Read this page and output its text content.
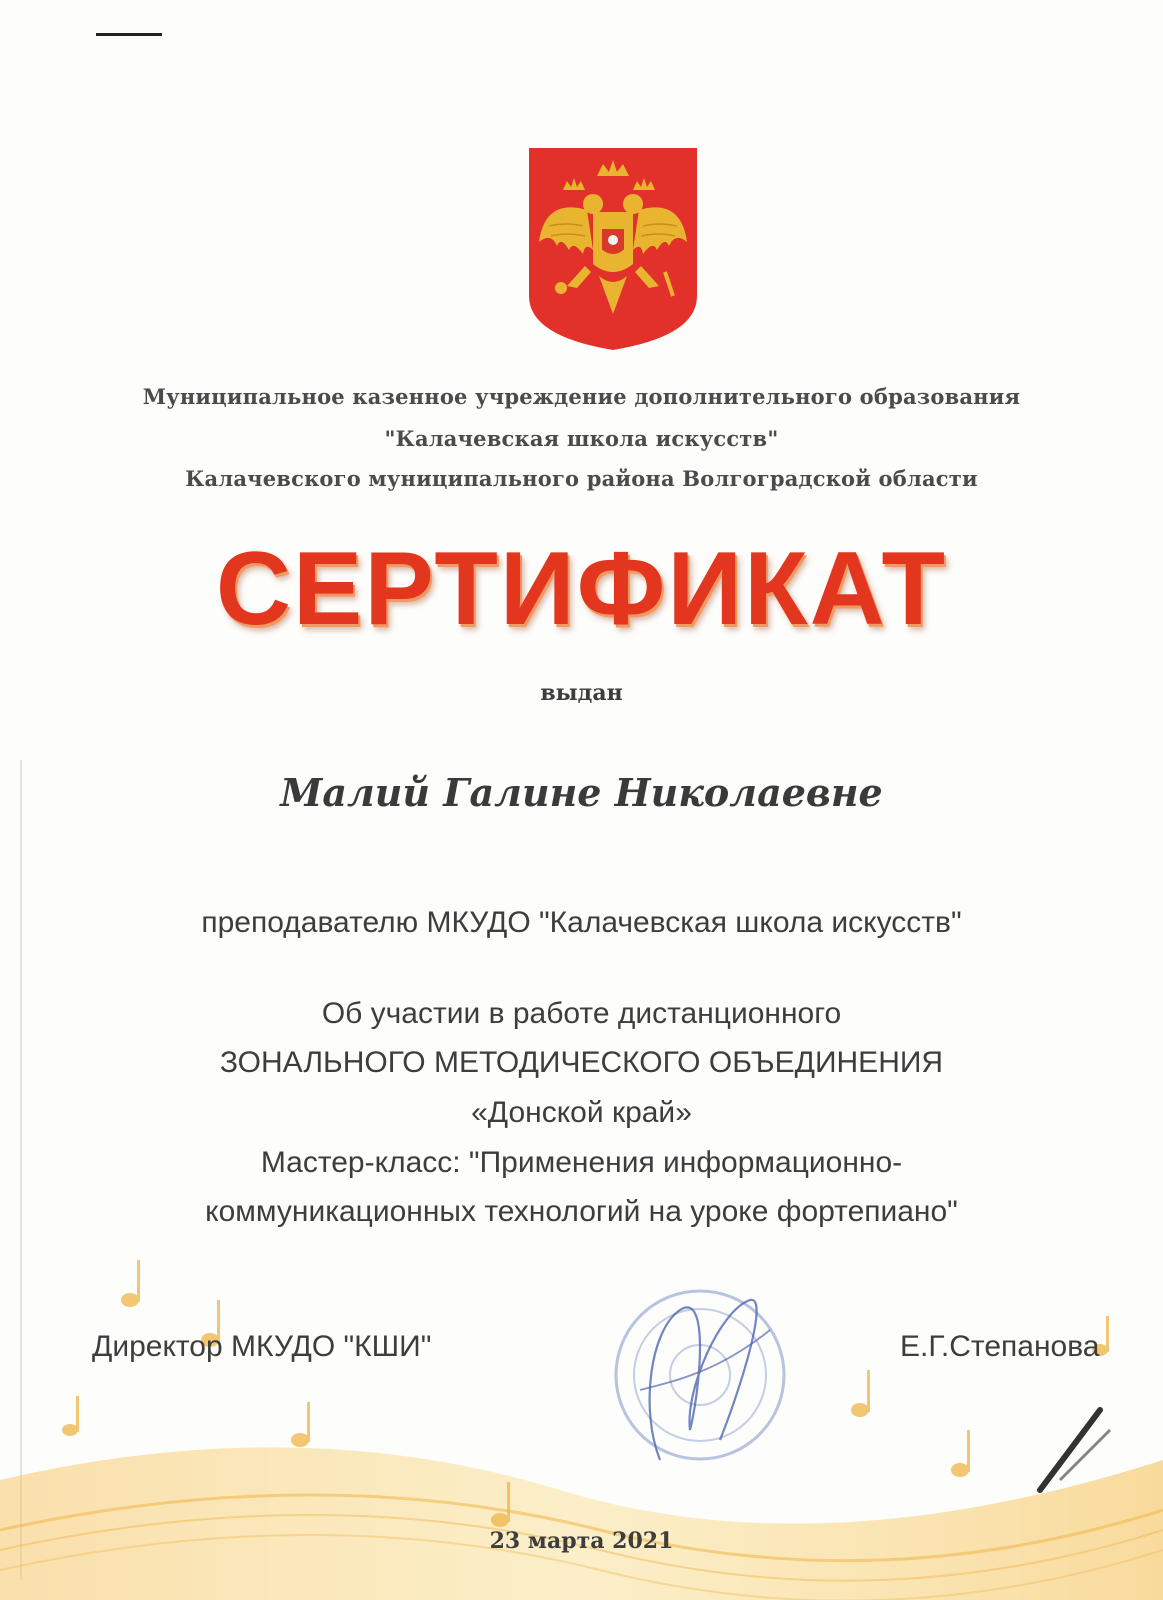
Муниципальное казенное учреждение дополнительного образования
"Калачевская школа искусств"
Калачевского муниципального района Волгоградской области
СЕРТИФИКАТ
выдан
Малий Галине Николаевне
преподавателю МКУДО "Калачевская школа искусств"
Об участии в работе дистанционного
ЗОНАЛЬНОГО МЕТОДИЧЕСКОГО ОБЪЕДИНЕНИЯ
«Донской край»
Мастер-класс: "Применения информационно-
коммуникационных технологий на уроке фортепиано"
Директор МКУДО "КШИ"	Е.Г.Степанова
23 марта 2021
